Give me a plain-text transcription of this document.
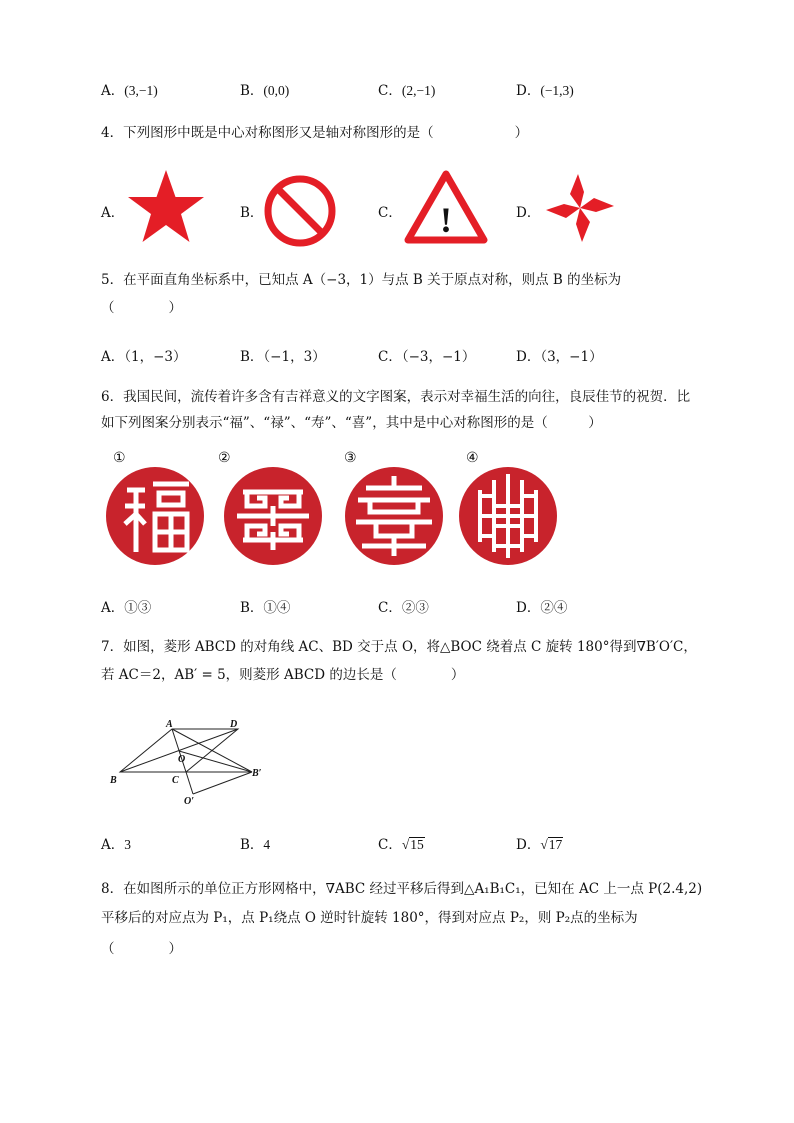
A．(3,−1)	B．(0,0)	C．(2,−1)	D．(−1,3)
4．下列图形中既是中心对称图形又是轴对称图形的是（　　　　　　）
A．	B．	C． !	D．
5．在平面直角坐标系中，已知点 A（−3，1）与点 B 关于原点对称，则点 B 的坐标为
（　　　　）
A．（1，−3）	B．（−1，3）	C．（−3，−1）	D．（3，−1）
6．我国民间，流传着许多含有吉祥意义的文字图案，表示对幸福生活的向往，良辰佳节的祝贺．比
如下列图案分别表示“福”、“禄”、“寿”、“喜”，其中是中心对称图形的是（　　　）
①	②	③	④
A．①③	B．①④	C．②③	D．②④
7．如图，菱形 ABCD 的对角线 AC、BD 交于点 O，将△BOC 绕着点 C 旋转 180°得到∇B′O′C，
若 AC＝2，AB′ = 5，则菱形 ABCD 的边长是（　　　　）
A	D
O
B	C
B′
O′
A．3	B．4	C．√15	D．√17
8．在如图所示的单位正方形网格中，∇ABC 经过平移后得到△A₁B₁C₁，已知在 AC 上一点 P(2.4,2)
平移后的对应点为 P₁，点 P₁绕点 O 逆时针旋转 180°，得到对应点 P₂，则 P₂点的坐标为
（　　　　）
